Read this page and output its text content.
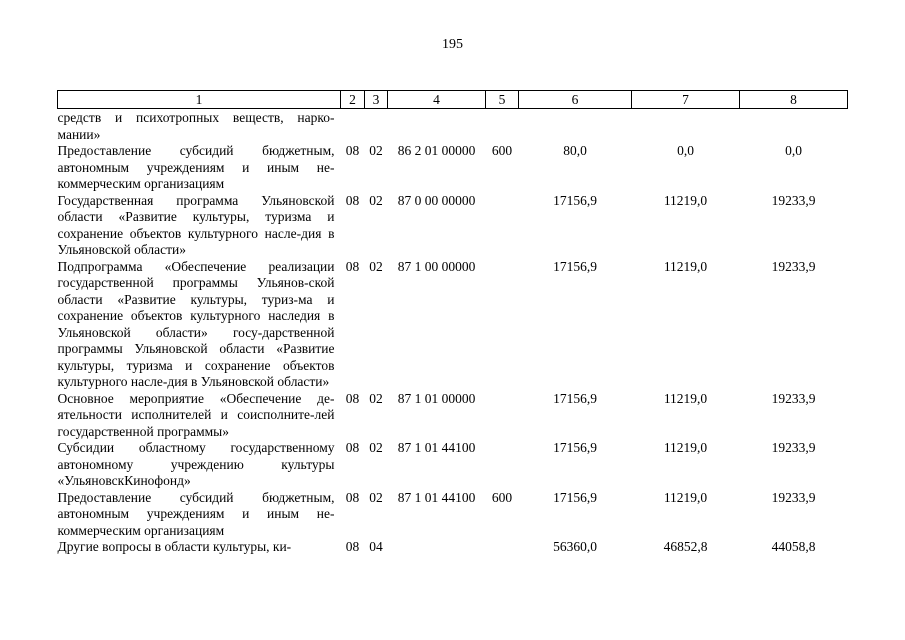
195
1	2	3	4	5	6	7	8
средств и психотропных веществ, нарко-мании»							
Предоставление субсидий бюджетным, автономным учреждениям и иным не-коммерческим организациям	08	02	86 2 01 00000	600	80,0	0,0	0,0
Государственная программа Ульяновской области «Развитие культуры, туризма и сохранение объектов культурного насле-дия в Ульяновской области»	08	02	87 0 00 00000		17156,9	11219,0	19233,9
Подпрограмма «Обеспечение реализации государственной программы Ульянов-ской области «Развитие культуры, туриз-ма и сохранение объектов культурного наследия в Ульяновской области» госу-дарственной программы Ульяновской области «Развитие культуры, туризма и сохранение объектов культурного насле-дия в Ульяновской области»	08	02	87 1 00 00000		17156,9	11219,0	19233,9
Основное мероприятие «Обеспечение де-ятельности исполнителей и соисполните-лей государственной программы»	08	02	87 1 01 00000		17156,9	11219,0	19233,9
Субсидии областному государственному автономному учреждению культуры «УльяновскКинофонд»	08	02	87 1 01 44100		17156,9	11219,0	19233,9
Предоставление субсидий бюджетным, автономным учреждениям и иным не-коммерческим организациям	08	02	87 1 01 44100	600	17156,9	11219,0	19233,9
Другие вопросы в области культуры, ки-	08	04			56360,0	46852,8	44058,8
